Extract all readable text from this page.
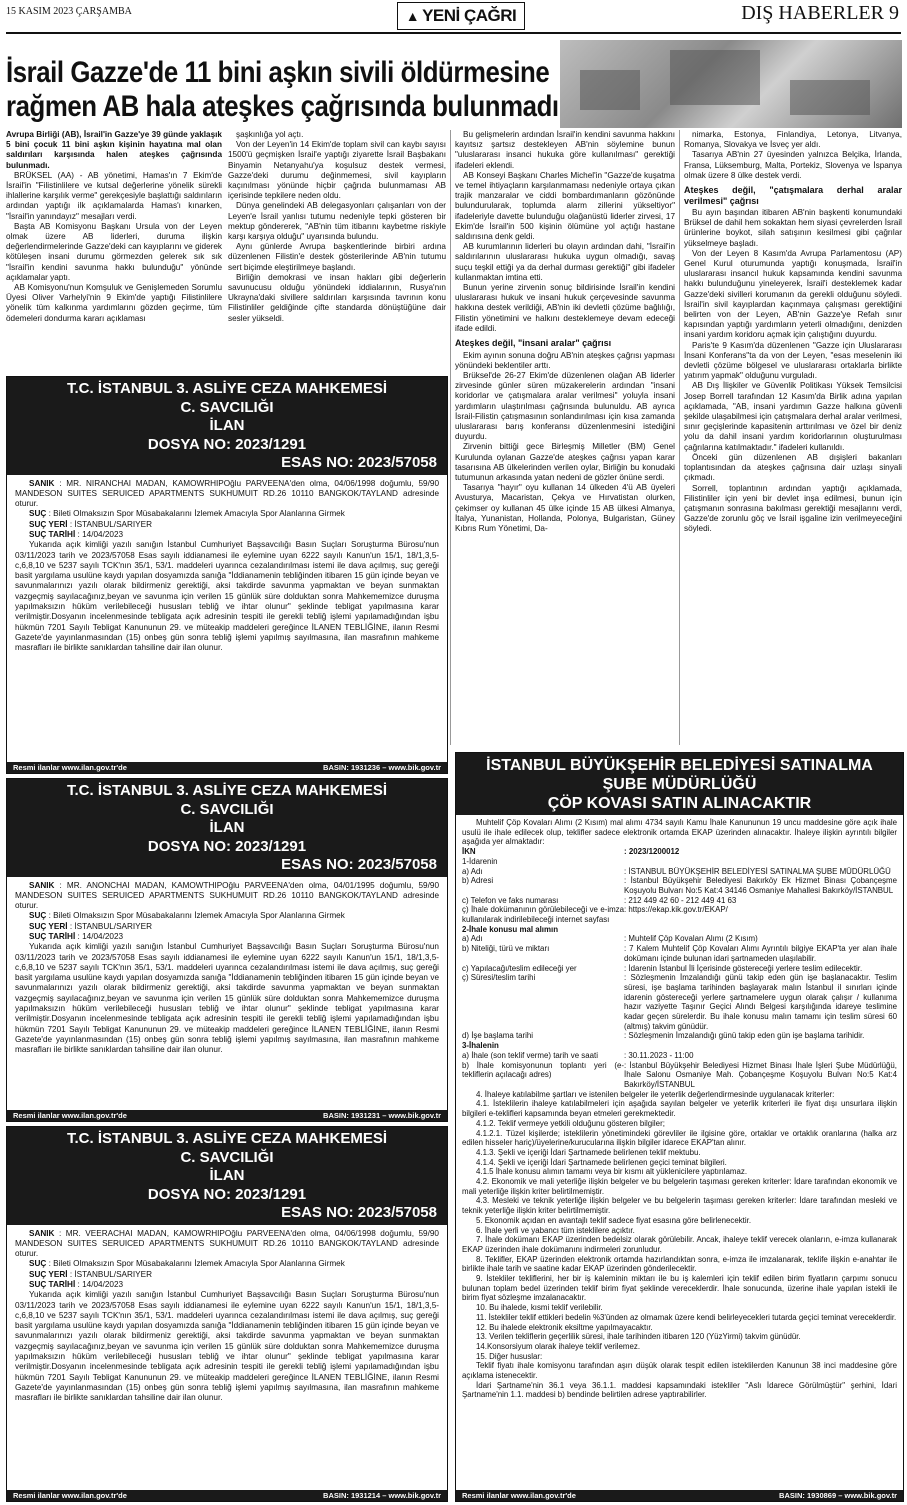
15 KASIM 2023 ÇARŞAMBA	▲ YENİ ÇAĞRI	DIŞ HABERLER 9
İsrail Gazze'de 11 bini aşkın sivili öldürmesine
rağmen AB hala ateşkes çağrısında bulunmadı

Avrupa Birliği (AB), İsrail'in Gazze'ye 39 günde yaklaşık 5 bini çocuk 11 bini aşkın kişinin hayatına mal olan saldırıları karşısında halen ateşkes çağrısında bulunmadı.

BRÜKSEL (AA) - AB yönetimi, Hamas'ın 7 Ekim'de İsrail'in "Filistinlilere ve kutsal değerlerine yönelik sürekli ihlallerine karşılık verme" gerekçesiyle başlattığı saldırıların ardından yaptığı ilk açıklamalarda Hamas'ı kınarken, "İsrail'in yanındayız" mesajları verdi.

Başta AB Komisyonu Başkanı Ursula von der Leyen olmak üzere AB liderleri, duruma ilişkin değerlendirmelerinde Gazze'deki can kayıplarını ve giderek kötüleşen insani durumu görmezden gelerek sık sık "İsrail'in kendini savunma hakkı bulunduğu" yönünde açıklamalar yaptı.

AB Komisyonu'nun Komşuluk ve Genişlemeden Sorumlu Üyesi Oliver Varhelyi'nin 9 Ekim'de yaptığı Filistinlilere yönelik tüm kalkınma yardımlarını gözden geçirme, tüm ödemeleri dondurma kararı açıklaması

şaşkınlığa yol açtı.

Von der Leyen'in 14 Ekim'de toplam sivil can kaybı sayısı 1500'ü geçmişken İsrail'e yaptığı ziyarette İsrail Başbakanı Binyamin Netanyahu'ya koşulsuz destek vermesi, Gazze'deki durumu değinmemesi, sivil kayıpların kaçınılması yönünde hiçbir çağrıda bulunmaması AB içerisinde tepkilere neden oldu.

Dünya genelindeki AB delegasyonları çalışanları von der Leyen'e İsrail yanlısı tutumu nedeniyle tepki gösteren bir mektup göndererek, "AB'nin tüm itibarını kaybetme riskiyle karşı karşıya olduğu" uyarısında bulundu.

Aynı günlerde Avrupa başkentlerinde birbiri ardına düzenlenen Filistin'e destek gösterilerinde AB'nin tutumu sert biçimde eleştirilmeye başlandı.

Birliğin demokrasi ve insan hakları gibi değerlerin savunucusu olduğu yönündeki iddialarının, Rusya'nın Ukrayna'daki sivillere saldırıları karşısında tavrının konu Filistinliler geldiğinde çifte standarda dönüştüğüne dair sesler yükseldi.

Bu gelişmelerin ardından İsrail'in kendini savunma hakkını kayıtsız şartsız destekleyen AB'nin söylemine bunun "uluslararası insanci hukuka göre kullanılması" gerektiği ifadeleri eklendi.

AB Konseyi Başkanı Charles Michel'in "Gazze'de kuşatma ve temel ihtiyaçların karşılanmaması nedeniyle ortaya çıkan trajik manzaralar ve ciddi bombardımanların gözönünde bulundurularak, toplumda alarm zillerini yükseltiyor" ifadeleriyle davette bulunduğu olağanüstü liderler zirvesi, 17 Ekim'de İsrail'in 500 kişinin ölümüne yol açtığı hastane saldırısına denk geldi.

AB kurumlarının liderleri bu olayın ardından dahi, "İsrail'in saldırılarının uluslararası hukuka uygun olmadığı, savaş suçu teşkil ettiği ya da derhal durması gerektiği" gibi ifadeler kullanmaktan imtina etti.

Bunun yerine zirvenin sonuç bildirisinde İsrail'in kendini uluslararası hukuk ve insani hukuk çerçevesinde savunma hakkına destek verildiği, AB'nin iki devletli çözüme bağlılığı, Filistin yönetimini ve halkını desteklemeye devam edeceği ifade edildi.

Ateşkes değil, "insani aralar" çağrısı

Ekim ayının sonuna doğru AB'nin ateşkes çağrısı yapması yönündeki beklentiler arttı.

Brüksel'de 26-27 Ekim'de düzenlenen olağan AB liderler zirvesinde günler süren müzakerelerin ardından "insani koridorlar ve çatışmalara aralar verilmesi" yoluyla insani yardımların ulaştırılması çağrısında bulunuldu. AB ayrıca İsrail-Filistin çatışmasının sonlandırılması için kısa zamanda uluslararası barış konferansı düzenlenmesini istediğini duyurdu.

Zirvenin bittiği gece Birleşmiş Milletler (BM) Genel Kurulunda oylanan Gazze'de ateşkes çağrısı yapan karar tasarısına AB ülkelerinden verilen oylar, Birliğin bu konudaki tutumunun arkasında yatan nedeni de gözler önüne serdi.

Tasarıya "hayır" oyu kullanan 14 ülkeden 4'ü AB üyeleri Avusturya, Macaristan, Çekya ve Hırvatistan olurken, çekimser oy kullanan 45 ülke içinde 15 AB ülkesi Almanya, İtalya, Yunanistan, Hollanda, Polonya, Bulgaristan, Güney Kıbrıs Rum Yönetimi, Da-

nimarka, Estonya, Finlandiya, Letonya, Litvanya, Romanya, Slovakya ve İsveç yer aldı.

Tasarıya AB'nin 27 üyesinden yalnızca Belçika, İrlanda, Fransa, Lüksemburg, Malta, Portekiz, Slovenya ve İspanya olmak üzere 8 ülke destek verdi.

Ateşkes değil, "çatışmalara derhal aralar verilmesi" çağrısı

Bu ayın başından itibaren AB'nin başkenti konumundaki Brüksel de dahil hem sokaktan hem siyasi çevrelerden İsrail ürünlerine boykot, silah satışının kesilmesi gibi çağrılar yükselmeye başladı.

Von der Leyen 8 Kasım'da Avrupa Parlamentosu (AP) Genel Kurul oturumunda yaptığı konuşmada, İsrail'in uluslararası insancıl hukuk kapsamında kendini savunma hakkı bulunduğunu yineleyerek, İsrail'i desteklemek kadar Gazze'deki sivilleri korumanın da gerekli olduğunu söyledi. İsrail'in sivil kayıplardan kaçınmaya çalışması gerektiğini belirten von der Leyen, AB'nin Gazze'ye Refah sınır kapısından yaptığı yardımların yeterli olmadığını, denizden insani yardım koridoru açmak için çalıştığını duyurdu.

Paris'te 9 Kasım'da düzenlenen "Gazze için Uluslararası İnsani Konferans"ta da von der Leyen, "esas meselenin iki devletli çözüme bölgesel ve uluslararası ortaklarla birlikte yatırım yapmak" olduğunu vurguladı.

AB Dış İlişkiler ve Güvenlik Politikası Yüksek Temsilcisi Josep Borrell tarafından 12 Kasım'da Birlik adına yapılan açıklamada, "AB, insani yardımın Gazze halkına güvenli şekilde ulaşabilmesi için çatışmalara derhal aralar verilmesi, sınır geçişlerinde kapasitenin arttırılması ve özel bir deniz yolu da dahil insani yardım koridorlarının oluşturulması çağrılarına katılmaktadır." ifadeleri kullanıldı.

Önceki gün düzenlenen AB dışişleri bakanları toplantısından da ateşkes çağrısına dair uzlaşı sinyali çıkmadı.

Sorrell, toplantının ardından yaptığı açıklamada, Filistinliler için yeni bir devlet inşa edilmesi, bunun için çatışmanın sonrasına bakılması gerektiği mesajlarını verdi, Gazze'de zorunlu göç ve İsrail işgaline izin verilmeyeceğini söyledi.

T.C. İSTANBUL 3. ASLİYE CEZA MAHKEMESİ
C. SAVCILIĞI
İLAN
DOSYA NO: 2023/1291
ESAS NO: 2023/57058

SANIK : MR. NIRANCHAI MADAN, KAMOWRHIPOğlu PARVEENA'den olma, 04/06/1998 doğumlu, 59/90 MANDESON SUITES SERUICED APARTMENTS SUKHUMUIT RD.26 10110 BANGKOK/TAYLAND adresinde oturur.

SUÇ : Bileti Olmaksızın Spor Müsabakalarını İzlemek Amacıyla Spor Alanlarına Girmek

SUÇ YERİ : İSTANBUL/SARIYER

SUÇ TARİHİ : 14/04/2023

Yukarıda açık kimliği yazılı sanığın İstanbul Cumhuriyet Başsavcılığı Basın Suçları Soruşturma Bürosu'nun 03/11/2023 tarih ve 2023/57058 Esas sayılı iddianamesi ile eylemine uyan 6222 sayılı Kanun'un 15/1, 18/1,3,5-c,6,8,10 ve 5237 sayılı TCK'nın 35/1, 53/1. maddeleri uyarınca cezalandırılması istemi ile dava açılmış, suç gereği basit yargılama usulüne kaydı yapılan dosyamızda sanığa "İddianamenin tebliğinden itibaren 15 gün içinde beyan ve savunmalarınızı yazılı olarak bildirmeniz gerektiği, aksi takdirde savunma yapmaktan ve beyan sunmaktan vazgeçmiş sayılacağınız,beyan ve savunma için verilen 15 günlük süre dolduktan sonra Mahkememizce duruşma yapılmaksızın hüküm verilebileceği hususları tebliğ ve ihtar olunur" şeklinde tebligat yapılmasına karar verilmiştir.Dosyanın incelenmesinde tebligata açık adresinin tespiti ile gerekli tebliğ işlemi yapılamadığından işbu hükmün 7201 Sayılı Tebligat Kanununun 29. ve müteakip maddeleri gereğince İLANEN TEBLİĞİNE, ilanın Resmi Gazete'de yayınlanmasından (15) onbeş gün sonra tebliğ işlemi yapılmış sayılmasına, ilan masrafının mahkeme masrafları ile birlikte sanıklardan tahsiline dair ilan olunur.

Resmi ilanlar www.ilan.gov.tr'de	BASIN: 1931236 – www.bik.gov.tr
T.C. İSTANBUL 3. ASLİYE CEZA MAHKEMESİ
C. SAVCILIĞI
İLAN
DOSYA NO: 2023/1291
ESAS NO: 2023/57058

SANIK : MR. ANONCHAI MADAN, KAMOWTHIPOğlu PARVEENA'den olma, 04/01/1995 doğumlu, 59/90 MANDESON SUITES SERUICED APARTMENTS SUKHUMUIT RD.26 10110 BANGKOK/TAYLAND adresinde oturur.

SUÇ : Bileti Olmaksızın Spor Müsabakalarını İzlemek Amacıyla Spor Alanlarına Girmek

SUÇ YERİ : İSTANBUL/SARIYER

SUÇ TARİHİ : 14/04/2023

Yukarıda açık kimliği yazılı sanığın İstanbul Cumhuriyet Başsavcılığı Basın Suçları Soruşturma Bürosu'nun 03/11/2023 tarih ve 2023/57058 Esas sayılı iddianamesi ile eylemine uyan 6222 sayılı Kanun'un 15/1, 18/1,3,5-c,6,8,10 ve 5237 sayılı TCK'nın 35/1, 53/1. maddeleri uyarınca cezalandırılması istemi ile dava açılmış, suç gereği basit yargılama usulüne kaydı yapılan dosyamızda sanığa "İddianamenin tebliğinden itibaren 15 gün içinde beyan ve savunmalarınızı yazılı olarak bildirmeniz gerektiği, aksi takdirde savunma yapmaktan ve beyan sunmaktan vazgeçmiş sayılacağınız,beyan ve savunma için verilen 15 günlük süre dolduktan sonra Mahkememizce duruşma yapılmaksızın hüküm verilebileceği hususları tebliğ ve ihtar olunur" şeklinde tebligat yapılmasına karar verilmiştir.Dosyanın incelenmesinde tebligata açık adresinin tespiti ile gerekli tebliğ işlemi yapılamadığından işbu hükmün 7201 Sayılı Tebligat Kanununun 29. ve müteakip maddeleri gereğince İLANEN TEBLİĞİNE, ilanın Resmi Gazete'de yayınlanmasından (15) onbeş gün sonra tebliğ işlemi yapılmış sayılmasına, ilan masrafının mahkeme masrafları ile birlikte sanıklardan tahsiline dair ilan olunur.

Resmi ilanlar www.ilan.gov.tr'de	BASIN: 1931231 – www.bik.gov.tr
T.C. İSTANBUL 3. ASLİYE CEZA MAHKEMESİ
C. SAVCILIĞI
İLAN
DOSYA NO: 2023/1291
ESAS NO: 2023/57058

SANIK : MR. VEERACHAI MADAN, KAMOWRHIPOğlu PARVEENA'den olma, 04/06/1998 doğumlu, 59/90 MANDESON SUITES SERUICED APARTMENTS SUKHUMUIT RD.26 10110 BANGKOK/TAYLAND adresinde oturur.

SUÇ : Bileti Olmaksızın Spor Müsabakalarını İzlemek Amacıyla Spor Alanlarına Girmek

SUÇ YERİ : İSTANBUL/SARIYER

SUÇ TARİHİ : 14/04/2023

Yukarıda açık kimliği yazılı sanığın İstanbul Cumhuriyet Başsavcılığı Basın Suçları Soruşturma Bürosu'nun 03/11/2023 tarih ve 2023/57058 Esas sayılı iddianamesi ile eylemine uyan 6222 sayılı Kanun'un 15/1, 18/1,3,5-c,6,8,10 ve 5237 sayılı TCK'nın 35/1, 53/1. maddeleri uyarınca cezalandırılması istemi ile dava açılmış, suç gereği basit yargılama usulüne kaydı yapılan dosyamızda sanığa "İddianamenin tebliğinden itibaren 15 gün içinde beyan ve savunmalarınızı yazılı olarak bildirmeniz gerektiği, aksi takdirde savunma yapmaktan ve beyan sunmaktan vazgeçmiş sayılacağınız,beyan ve savunma için verilen 15 günlük süre dolduktan sonra Mahkememizce duruşma yapılmaksızın hüküm verilebileceği hususları tebliğ ve ihtar olunur" şeklinde tebligat yapılmasına karar verilmiştir.Dosyanın incelenmesinde tebligata açık adresinin tespiti ile gerekli tebliğ işlemi yapılamadığından işbu hükmün 7201 Sayılı Tebligat Kanununun 29. ve müteakip maddeleri gereğince İLANEN TEBLİĞİNE, ilanın Resmi Gazete'de yayınlanmasından (15) onbeş gün sonra tebliğ işlemi yapılmış sayılmasına, ilan masrafının mahkeme masrafları ile birlikte sanıklardan tahsiline dair ilan olunur.

Resmi ilanlar www.ilan.gov.tr'de	BASIN: 1931214 – www.bik.gov.tr
İSTANBUL BÜYÜKŞEHİR BELEDİYESİ SATINALMA
ŞUBE MÜDÜRLÜĞÜ
ÇÖP KOVASI SATIN ALINACAKTIR

Muhtelif Çöp Kovaları Alımı (2 Kısım) mal alımı 4734 sayılı Kamu İhale Kanununun 19 uncu maddesine göre açık ihale usulü ile ihale edilecek olup, teklifler sadece elektronik ortamda EKAP üzerinden alınacaktır. İhaleye ilişkin ayrıntılı bilgiler aşağıda yer almaktadır:

İKN	: 2023/1200012

1-İdarenin

a) Adı	: İSTANBUL BÜYÜKŞEHİR BELEDİYESİ SATINALMA ŞUBE MÜDÜRLÜĞÜ
b) Adresi	: İstanbul Büyükşehir Belediyesi Bakırköy Ek Hizmet Binası Çobançeşme Koşuyolu Bulvarı No:5 Kat:4 34146 Osmaniye Mahallesi Bakırköy/İSTANBUL
c) Telefon ve faks numarası	: 212 449 42 60 - 212 449 41 63
ç) İhale dokümanının görülebileceği ve e-imza kullanılarak indirilebileceği internet sayfası
: https://ekap.kik.gov.tr/EKAP/

2-İhale konusu mal alımın

a) Adı	: Muhtelif Çöp Kovaları Alımı (2 Kısım)
b) Niteliği, türü ve miktarı	: 7 Kalem Muhtelif Çöp Kovaları Alımı Ayrıntılı bilgiye EKAP'ta yer alan ihale dokümanı içinde bulunan idari şartnameden ulaşılabilir.
c) Yapılacağı/teslim edileceği yer	: İdarenin İstanbul İli İçerisinde göstereceği yerlere teslim edilecektir.
ç) Süresi/teslim tarihi	: Sözleşmenin İmzalandığı günü takip eden gün işe başlanacaktır. Teslim süresi, işe başlama tarihinden başlayarak malın İstanbul il sınırları içinde idarenin göstereceği yerlere şartnamelere uygun olarak çalışır / kullanıma hazır vaziyette Taşınır Geçici Alındı Belgesi karşılığında idareye teslimine kadar geçen sürelerdir. Bu ihale konusu malın tamamı için teslim süresi 60 (altmış) takvim günüdür.
d) İşe başlama tarihi	: Sözleşmenin İmzalandığı günü takip eden gün işe başlama tarihidir.

3-İhalenin

a) İhale (son teklif verme) tarih ve saati	: 30.11.2023 - 11:00
b) İhale komisyonunun toplantı yeri (e-tekliflerin açılacağı adres)
: İstanbul Büyükşehir Belediyesi Hizmet Binası İhale İşleri Şube Müdürlüğü, İhale Salonu Osmaniye Mah. Çobançeşme Koşuyolu Bulvarı No:5 Kat:4 Bakırköy/İSTANBUL

4. İhaleye katılabilme şartları ve istenilen belgeler ile yeterlik değerlendirmesinde uygulanacak kriterler:

4.1. İsteklilerin ihaleye katılabilmeleri için aşağıda sayılan belgeler ve yeterlik kriterleri ile fiyat dışı unsurlara ilişkin bilgileri e-teklifleri kapsamında beyan etmeleri gerekmektedir.

4.1.2. Teklif vermeye yetkili olduğunu gösteren bilgiler;

4.1.2.1. Tüzel kişilerde; isteklilerin yönetimindeki görevliler ile ilgisine göre, ortaklar ve ortaklık oranlarına (halka arz edilen hisseler hariç)/üyelerine/kurucularına ilişkin bilgiler idarece EKAP'tan alınır.

4.1.3. Şekli ve içeriği İdari Şartnamede belirlenen teklif mektubu.

4.1.4. Şekli ve içeriği İdari Şartnamede belirlenen geçici teminat bilgileri.

4.1.5 İhale konusu alımın tamamı veya bir kısmı alt yüklenicilere yaptırılamaz.

4.2. Ekonomik ve mali yeterliğe ilişkin belgeler ve bu belgelerin taşıması gereken kriterler: İdare tarafından ekonomik ve mali yeterliğe ilişkin kriter belirtilmemiştir.

4.3. Mesleki ve teknik yeterliğe ilişkin belgeler ve bu belgelerin taşıması gereken kriterler: İdare tarafından mesleki ve teknik yeterliğe ilişkin kriter belirtilmemiştir.

5. Ekonomik açıdan en avantajlı teklif sadece fiyat esasına göre belirlenecektir.

6. İhale yerli ve yabancı tüm isteklilere açıktır.

7. İhale dokümanı EKAP üzerinden bedelsiz olarak görülebilir. Ancak, ihaleye teklif verecek olanların, e-imza kullanarak EKAP üzerinden ihale dokümanını indirmeleri zorunludur.

8. Teklifler, EKAP üzerinden elektronik ortamda hazırlandıktan sonra, e-imza ile imzalanarak, teklife ilişkin e-anahtar ile birlikte ihale tarih ve saatine kadar EKAP üzerinden gönderilecektir.

9. İstekliler tekliflerini, her bir iş kaleminin miktarı ile bu iş kalemleri için teklif edilen birim fiyatların çarpımı sonucu bulunan toplam bedel üzerinden teklif birim fiyat şeklinde vereceklerdir. İhale sonucunda, üzerine ihale yapılan istekli ile birim fiyat sözleşme imzalanacaktır.

10. Bu ihalede, kısmi teklif verilebilir.

11. İstekliler teklif ettikleri bedelin %3'ünden az olmamak üzere kendi belirleyecekleri tutarda geçici teminat vereceklerdir.

12. Bu ihalede elektronik eksiltme yapılmayacaktır.

13. Verilen tekliflerin geçerlilik süresi, ihale tarihinden itibaren 120 (YüzYirmi) takvim günüdür.

14.Konsorsiyum olarak ihaleye teklif verilemez.

15. Diğer hususlar:

Teklif fiyatı ihale komisyonu tarafından aşırı düşük olarak tespit edilen isteklilerden Kanunun 38 inci maddesine göre açıklama istenecektir.

İdari Şartname'nin 36.1 veya 36.1.1. maddesi kapsamındaki istekliler "Aslı İdarece Görülmüştür" şerhini, İdari Şartname'nin 1.1. maddesi b) bendinde belirtilen adrese yaptırabilirler.

Resmi ilanlar www.ilan.gov.tr'de	BASIN: 1930869 – www.bik.gov.tr
